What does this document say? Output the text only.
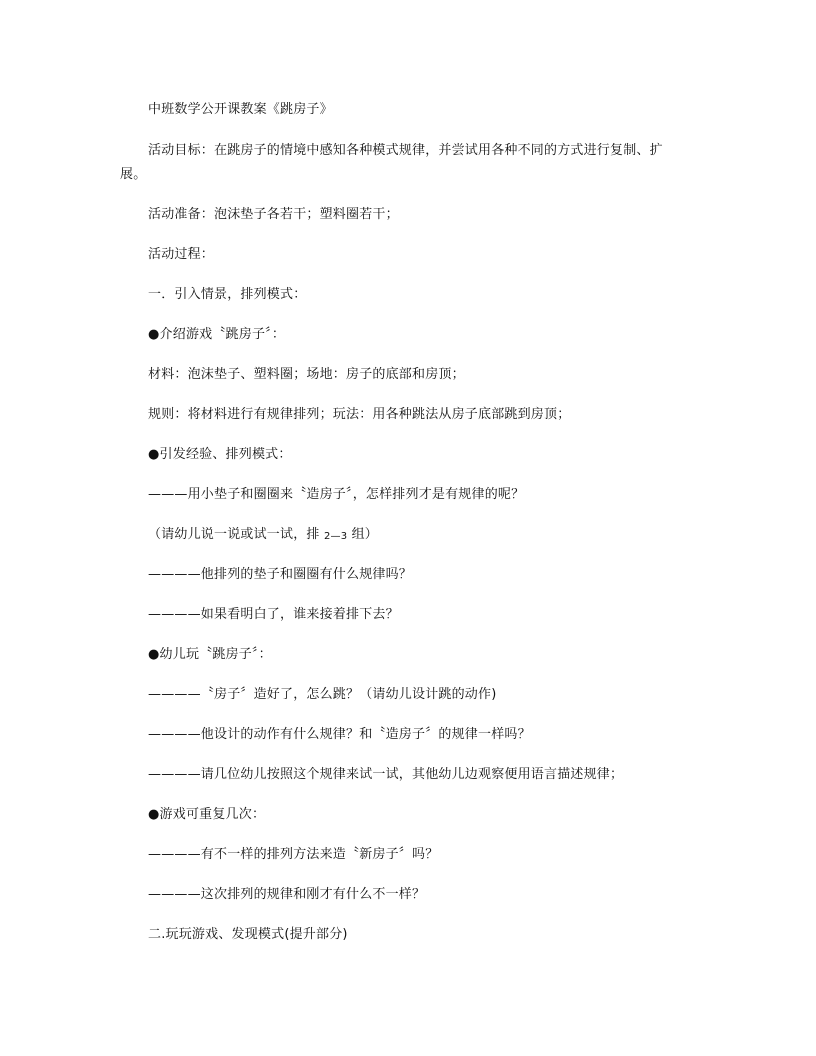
中班数学公开课教案《跳房子》
活动目标：在跳房子的情境中感知各种模式规律，并尝试用各种不同的方式进行复制、扩
展。
活动准备：泡沫垫子各若干；塑料圈若干；
活动过程：
一．引入情景，排列模式：
●介绍游戏〝跳房子〞：
材料：泡沫垫子、塑料圈；场地：房子的底部和房顶；
规则：将材料进行有规律排列；玩法：用各种跳法从房子底部跳到房顶；
●引发经验、排列模式：
———用小垫子和圈圈来〝造房子〞，怎样排列才是有规律的呢？
（请幼儿说一说或试一试，排 2—3 组）
————他排列的垫子和圈圈有什么规律吗？
————如果看明白了，谁来接着排下去？
●幼儿玩〝跳房子〞：
————〝房子〞造好了，怎么跳？（请幼儿设计跳的动作)
————他设计的动作有什么规律？和〝造房子〞的规律一样吗？
————请几位幼儿按照这个规律来试一试，其他幼儿边观察便用语言描述规律；
●游戏可重复几次：
————有不一样的排列方法来造〝新房子〞吗？
————这次排列的规律和刚才有什么不一样？
二.玩玩游戏、发现模式(提升部分)
